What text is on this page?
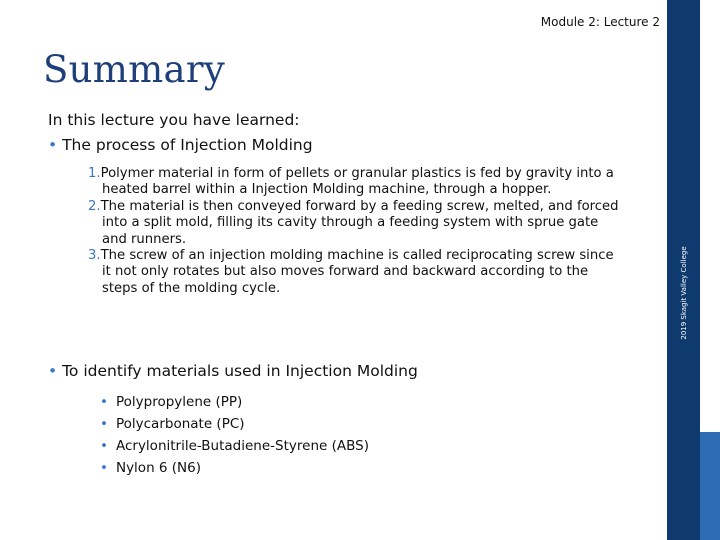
Module 2: Lecture 2
Summary
In this lecture you have learned:
• The process of Injection Molding
1.Polymer material in form of pellets or granular plastics is fed by gravity into a heated barrel within a Injection Molding machine, through a hopper.
2.The material is then conveyed forward by a feeding screw, melted, and forced into a split mold, filling its cavity through a feeding system with sprue gate and runners.
3.The screw of an injection molding machine is called reciprocating screw since it not only rotates but also moves forward and backward according to the steps of the molding cycle.
• To identify materials used in Injection Molding
• Polypropylene (PP)
• Polycarbonate (PC)
• Acrylonitrile-Butadiene-Styrene (ABS)
• Nylon 6 (N6)
2019 Skagit Valley College
